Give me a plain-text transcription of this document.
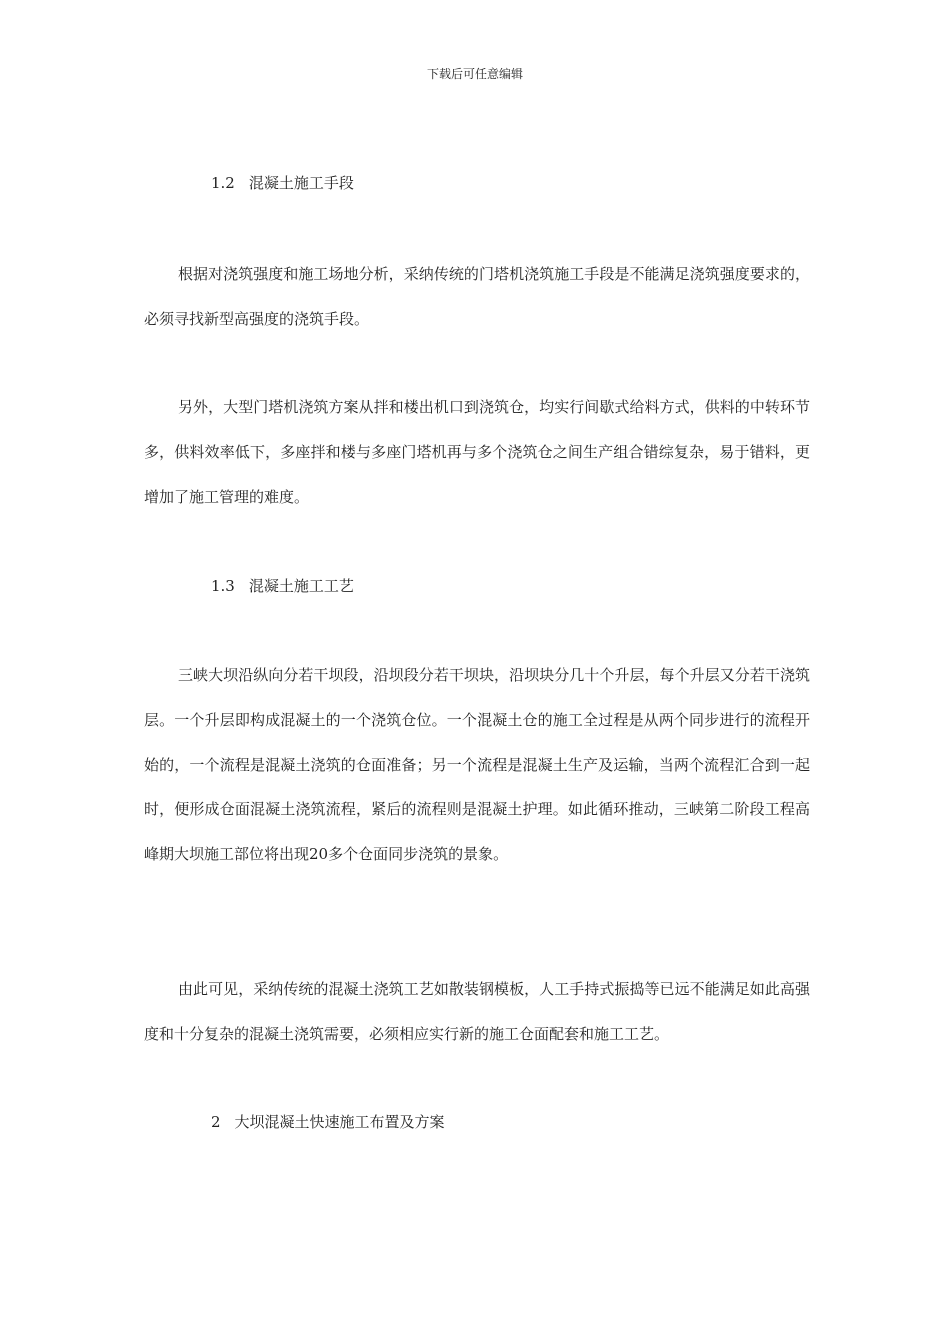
下载后可任意编辑
1.2 混凝土施工手段

根据对浇筑强度和施工场地分析，采纳传统的门塔机浇筑施工手段是不能满足浇筑强度要求的，必须寻找新型高强度的浇筑手段。

另外，大型门塔机浇筑方案从拌和楼出机口到浇筑仓，均实行间歇式给料方式，供料的中转环节多，供料效率低下，多座拌和楼与多座门塔机再与多个浇筑仓之间生产组合错综复杂，易于错料，更增加了施工管理的难度。

1.3 混凝土施工工艺

三峡大坝沿纵向分若干坝段，沿坝段分若干坝块，沿坝块分几十个升层，每个升层又分若干浇筑层。一个升层即构成混凝土的一个浇筑仓位。一个混凝土仓的施工全过程是从两个同步进行的流程开始的，一个流程是混凝土浇筑的仓面准备；另一个流程是混凝土生产及运输，当两个流程汇合到一起时，便形成仓面混凝土浇筑流程，紧后的流程则是混凝土护理。如此循环推动，三峡第二阶段工程高峰期大坝施工部位将出现20多个仓面同步浇筑的景象。

由此可见，采纳传统的混凝土浇筑工艺如散装钢模板，人工手持式振捣等已远不能满足如此高强度和十分复杂的混凝土浇筑需要，必须相应实行新的施工仓面配套和施工工艺。

2 大坝混凝土快速施工布置及方案
